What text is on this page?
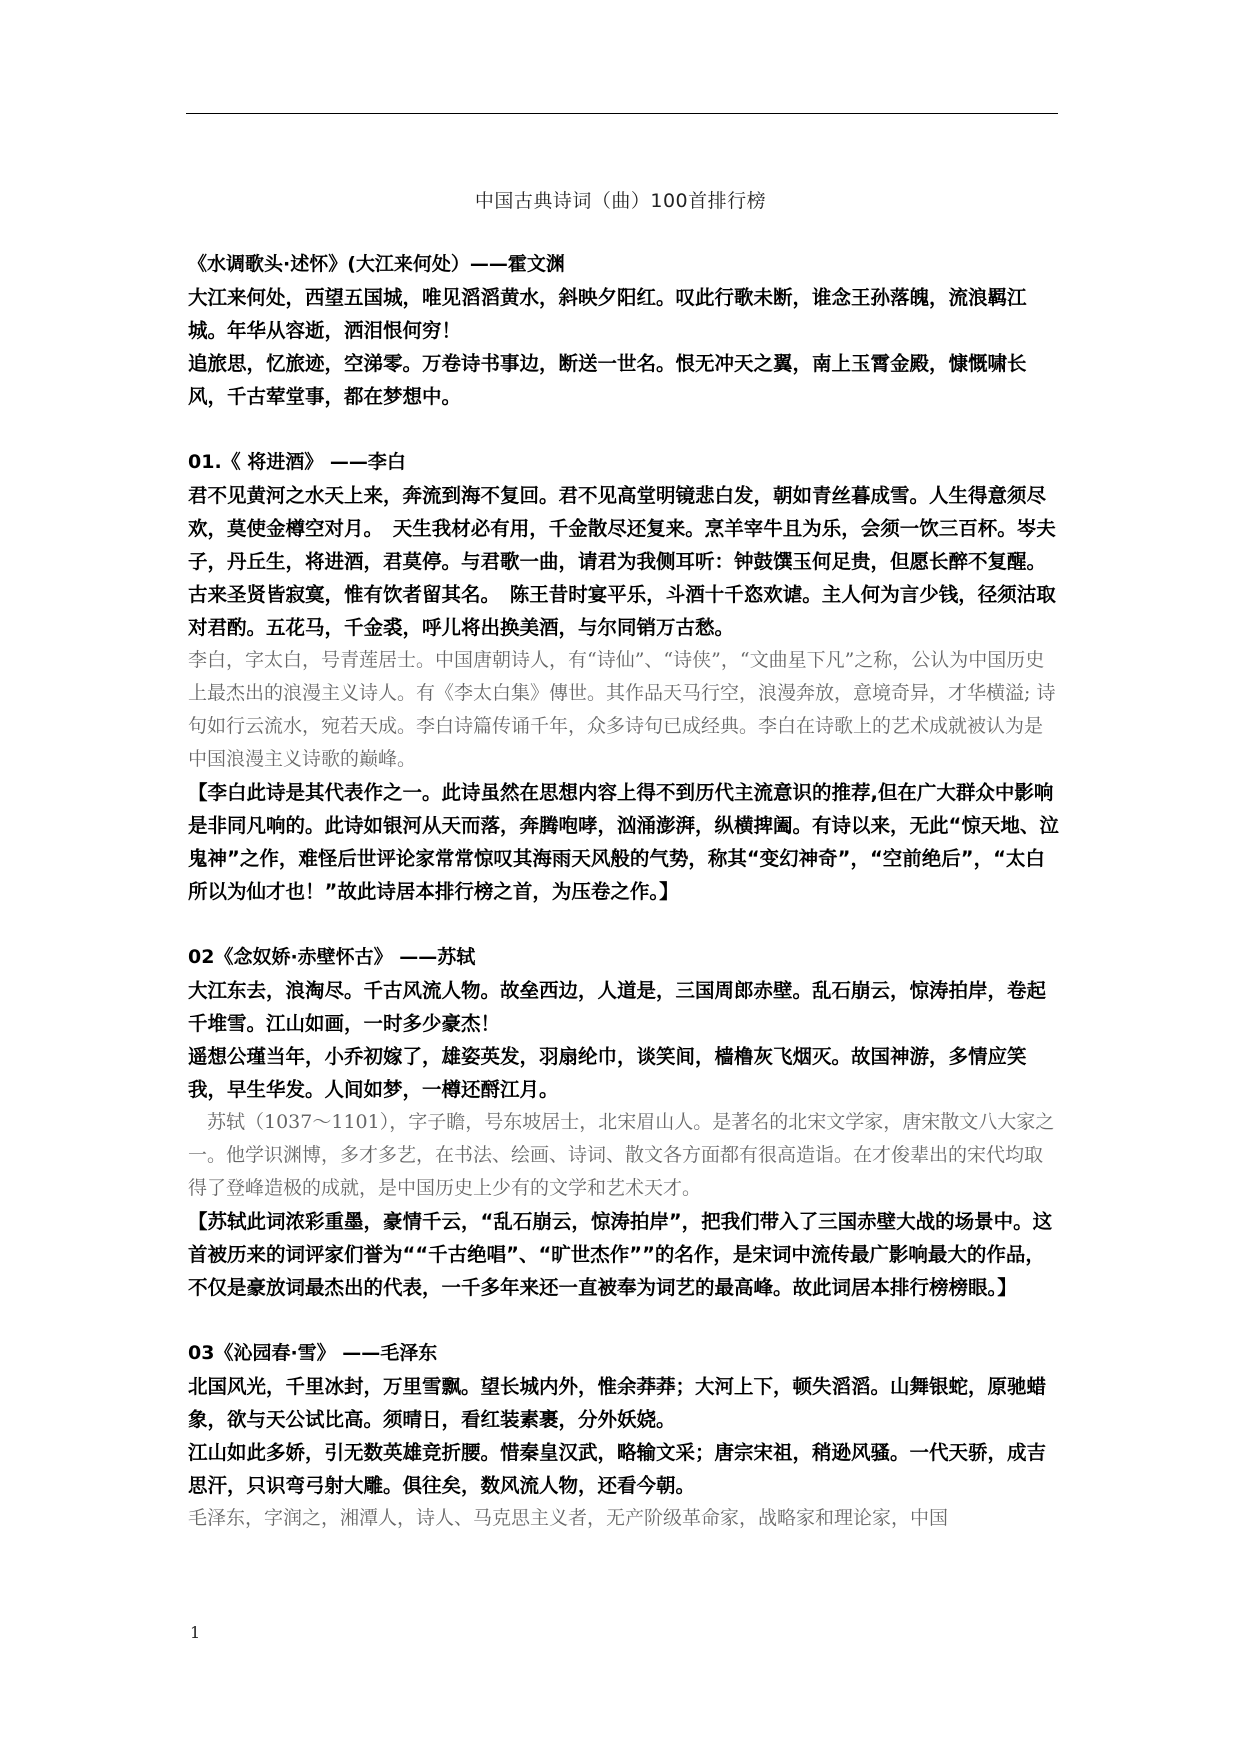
中国古典诗词（曲）100首排行榜
《水调歌头·述怀》(大江来何处）——霍文渊
大江来何处，西望五国城，唯见滔滔黄水，斜映夕阳红。叹此行歌未断，谁念王孙落魄，流浪羁江城。年华从容逝，洒泪恨何穷！
追旅思，忆旅迹，空涕零。万卷诗书事边，断送一世名。恨无冲天之翼，南上玉霄金殿，慷慨啸长风，千古荤堂事，都在梦想中。
01.《 将进酒》 ——李白
君不见黄河之水天上来，奔流到海不复回。君不见高堂明镜悲白发，朝如青丝暮成雪。人生得意须尽欢，莫使金樽空对月。　天生我材必有用，千金散尽还复来。烹羊宰牛且为乐，会须一饮三百杯。岑夫子，丹丘生，将进酒，君莫停。与君歌一曲，请君为我侧耳听：钟鼓馔玉何足贵，但愿长醉不复醒。古来圣贤皆寂寞，惟有饮者留其名。　陈王昔时宴平乐，斗酒十千恣欢谑。主人何为言少钱，径须沽取对君酌。五花马，千金裘，呼儿将出换美酒，与尔同销万古愁。
李白，字太白，号青莲居士。中国唐朝诗人，有“诗仙”、“诗侠”，“文曲星下凡”之称，公认为中国历史上最杰出的浪漫主义诗人。有《李太白集》傳世。其作品天马行空，浪漫奔放，意境奇异，才华横溢; 诗句如行云流水，宛若天成。李白诗篇传诵千年，众多诗句已成经典。李白在诗歌上的艺术成就被认为是中国浪漫主义诗歌的巅峰。
【李白此诗是其代表作之一。此诗虽然在思想内容上得不到历代主流意识的推荐,但在广大群众中影响是非同凡响的。此诗如银河从天而落，奔腾咆哮，汹涌澎湃，纵横捭阖。有诗以来，无此“惊天地、泣鬼神”之作，难怪后世评论家常常惊叹其海雨天风般的气势，称其“变幻神奇”，“空前绝后”，“太白所以为仙才也！”故此诗居本排行榜之首，为压卷之作。】
02《念奴娇·赤壁怀古》 ——苏轼
大江东去，浪淘尽。千古风流人物。故垒西边，人道是，三国周郎赤壁。乱石崩云，惊涛拍岸，卷起千堆雪。江山如画，一时多少豪杰！
遥想公瑾当年，小乔初嫁了，雄姿英发，羽扇纶巾，谈笑间，樯橹灰飞烟灭。故国神游，多情应笑我，早生华发。人间如梦，一樽还酹江月。
　苏轼（1037～1101），字子瞻，号东坡居士，北宋眉山人。是著名的北宋文学家，唐宋散文八大家之一。他学识渊博，多才多艺，在书法、绘画、诗词、散文各方面都有很高造诣。在才俊辈出的宋代均取得了登峰造极的成就，是中国历史上少有的文学和艺术天才。
【苏轼此词浓彩重墨，豪情千云，“乱石崩云，惊涛拍岸”，把我们带入了三国赤壁大战的场景中。这首被历来的词评家们誉为““千古绝唱”、“旷世杰作””的名作，是宋词中流传最广影响最大的作品，不仅是豪放词最杰出的代表，一千多年来还一直被奉为词艺的最高峰。故此词居本排行榜榜眼。】
03《沁园春·雪》 ——毛泽东
北国风光，千里冰封，万里雪飘。望长城内外，惟余莽莽；大河上下，顿失滔滔。山舞银蛇，原驰蜡象，欲与天公试比高。须晴日，看红装素裹，分外妖娆。
江山如此多娇，引无数英雄竞折腰。惜秦皇汉武，略输文采；唐宗宋祖，稍逊风骚。一代天骄，成吉思汗，只识弯弓射大雕。俱往矣，数风流人物，还看今朝。
毛泽东，字润之，湘潭人，诗人、马克思主义者，无产阶级革命家，战略家和理论家，中国
1
